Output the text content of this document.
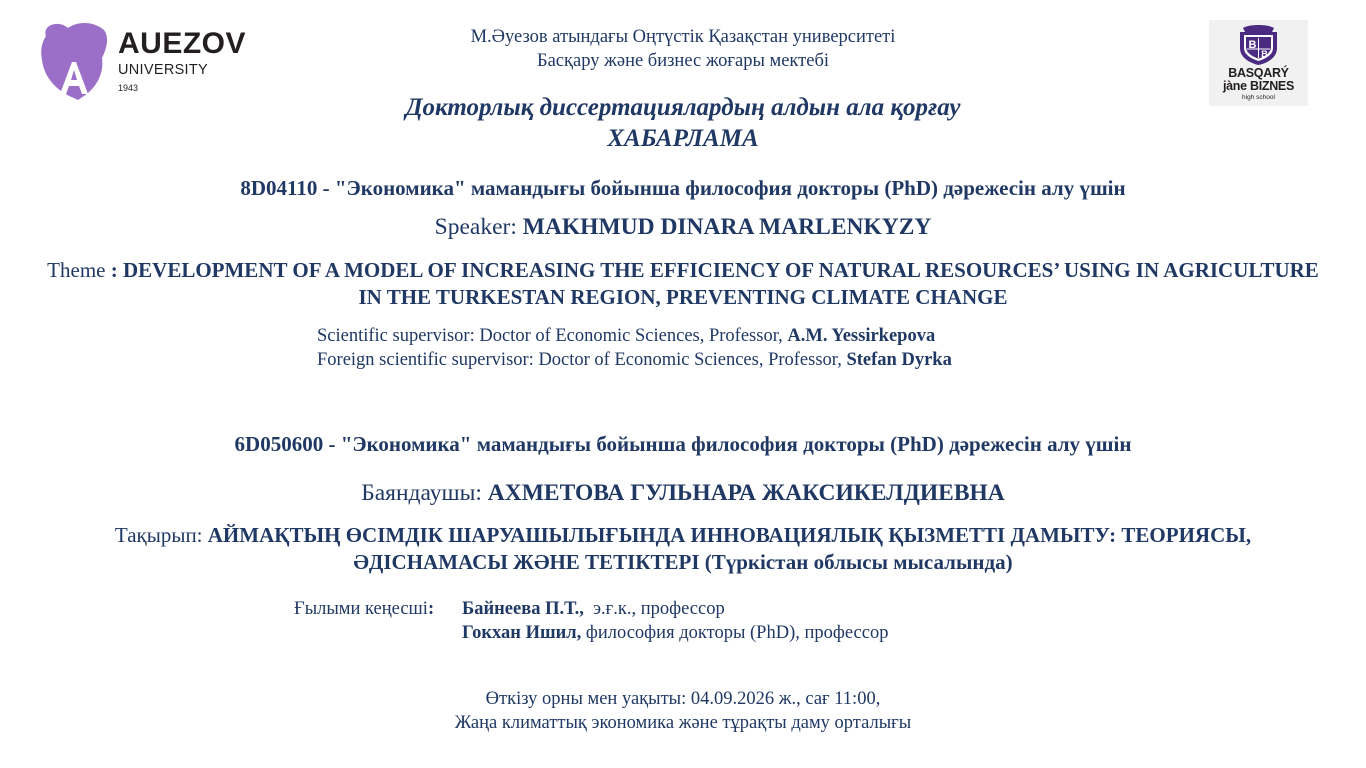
AUEZOV
UNIVERSITY
1943
B
B
BASQARÝ
jàne BIZNES
high school
М.Әуезов атындағы Оңтүстік Қазақстан университеті
Басқару және бизнес жоғары мектебі
Докторлық диссертациялардың алдын ала қорғау
ХАБАРЛАМА
8D04110 - "Экономика" мамандығы бойынша философия докторы (PhD) дәрежесін алу үшін
Speaker: MAKHMUD DINARA MARLENKYZY
Theme : DEVELOPMENT OF A MODEL OF INCREASING THE EFFICIENCY OF NATURAL RESOURCES’ USING IN AGRICULTURE
IN THE TURKESTAN REGION, PREVENTING CLIMATE CHANGE
Scientific supervisor: Doctor of Economic Sciences, Professor, A.M. Yessirkepova
Foreign scientific supervisor: Doctor of Economic Sciences, Professor, Stefan Dyrka
6D050600 - "Экономика" мамандығы бойынша философия докторы (PhD) дәрежесін алу үшін
Баяндаушы: АХМЕТОВА ГУЛЬНАРА ЖАКСИКЕЛДИЕВНА
Тақырып: АЙМАҚТЫҢ ӨСІМДІК ШАРУАШЫЛЫҒЫНДА ИННОВАЦИЯЛЫҚ ҚЫЗМЕТТІ ДАМЫТУ: ТЕОРИЯСЫ,
ӘДІСНАМАСЫ ЖӘНЕ ТЕТІКТЕРІ (Түркістан облысы мысалында)
Ғылыми кеңесші: Байнеева П.Т.,  э.ғ.к., профессор
Гокхан Ишил, философия докторы (PhD), профессор
Өткізу орны мен уақыты: 04.09.2026 ж., сағ 11:00,
Жаңа климаттық экономика және тұрақты даму орталығы
